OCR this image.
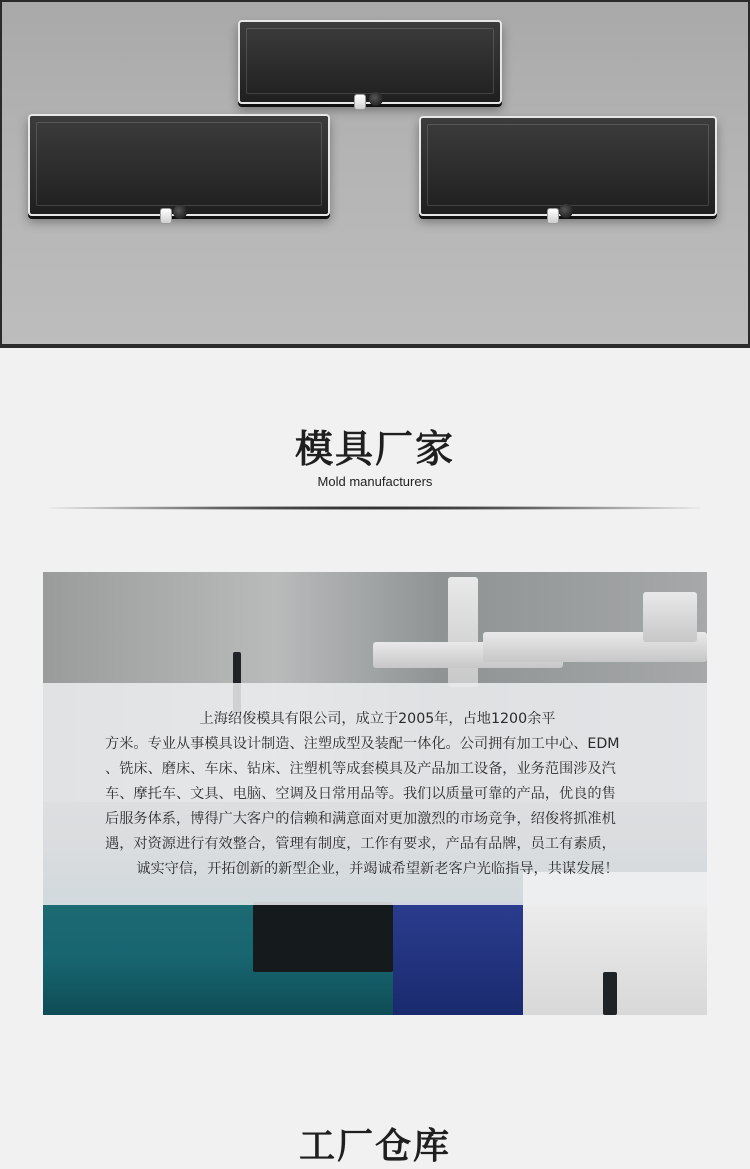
模具厂家
Mold manufacturers
上海绍俊模具有限公司，成立于2005年，占地1200余平
方米。专业从事模具设计制造、注塑成型及装配一体化。公司拥有加工中心、EDM
、铣床、磨床、车床、钻床、注塑机等成套模具及产品加工设备，业务范围涉及汽
车、摩托车、文具、电脑、空调及日常用品等。我们以质量可靠的产品，优良的售
后服务体系，博得广大客户的信赖和满意面对更加激烈的市场竞争，绍俊将抓准机
遇，对资源进行有效整合，管理有制度，工作有要求，产品有品牌，员工有素质，
诚实守信，开拓创新的新型企业，并竭诚希望新老客户光临指导，共谋发展！
工厂仓库
